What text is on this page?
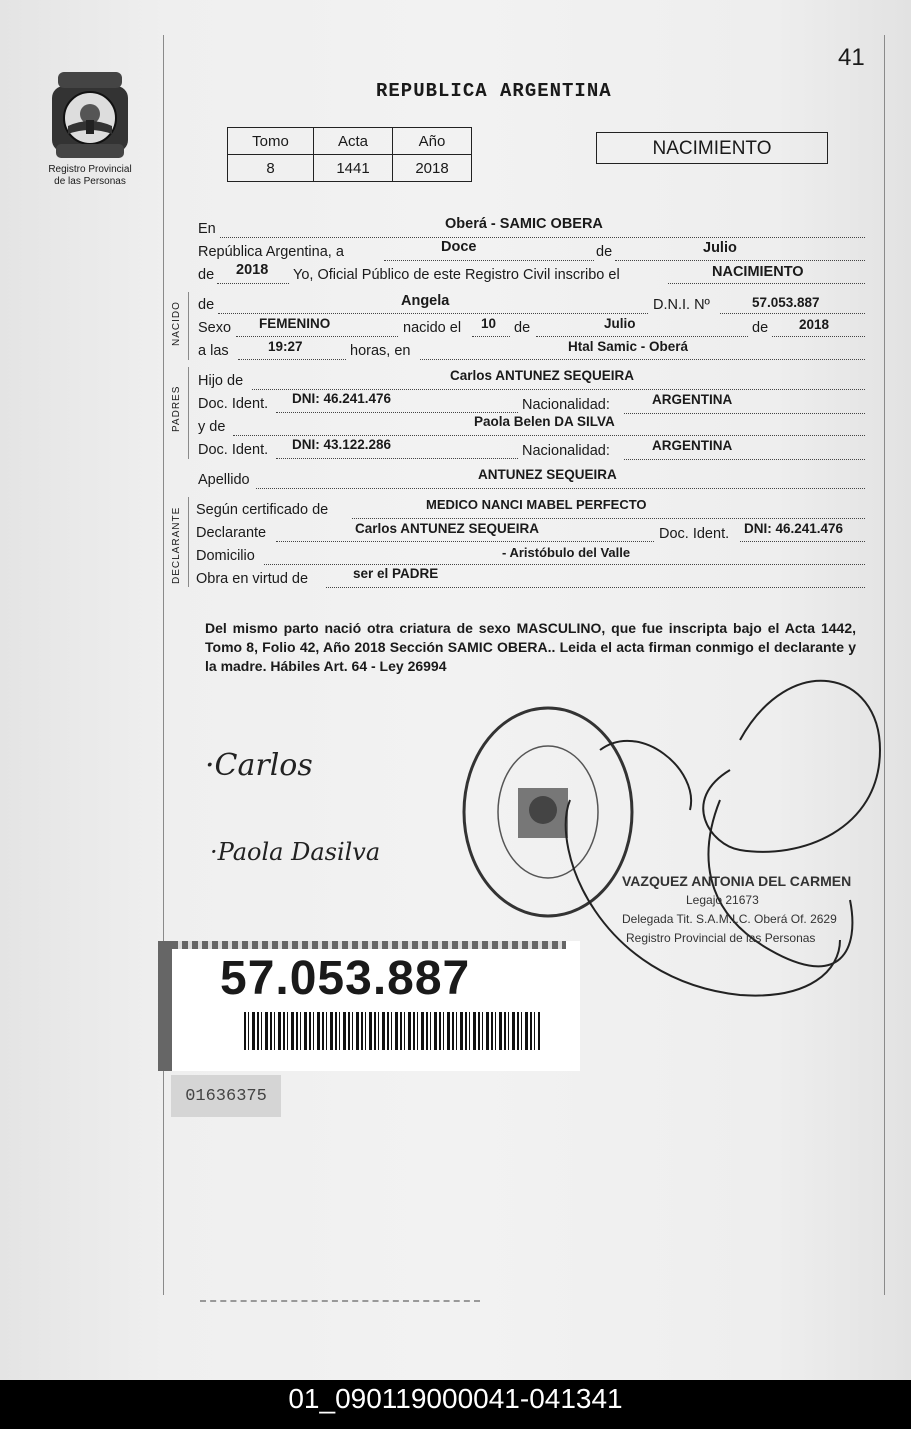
Registro Provincial
de las Personas
41
REPUBLICA ARGENTINA
Tomo	Acta	Año
8	1441	2018
NACIMIENTO
En	Oberá - SAMIC OBERA
República Argentina, a	Doce	de	Julio
de 2018 Yo, Oficial Público de este Registro Civil inscribo el	NACIMIENTO
NACIDO de	Angela	D.N.I. Nº	57.053.887
Sexo FEMENINO	nacido el 10 de	Julio	de 2018
a las	19:27	horas, en	Htal Samic - Oberá
PADRES
Hijo de	Carlos ANTUNEZ SEQUEIRA
Doc. Ident. DNI: 46.241.476	Nacionalidad:	ARGENTINA
y de	Paola Belen DA SILVA
Doc. Ident. DNI: 43.122.286	Nacionalidad:	ARGENTINA
Apellido	ANTUNEZ SEQUEIRA
DECLARANTE Según certificado de	MEDICO NANCI MABEL PERFECTO
Declarante	Carlos ANTUNEZ SEQUEIRA	Doc. Ident. DNI: 46.241.476
Domicilio	- Aristóbulo del Valle
Obra en virtud de	ser el PADRE
Del mismo parto nació otra criatura de sexo MASCULINO, que fue inscripta bajo el Acta 1442, Tomo 8, Folio 42, Año 2018 Sección SAMIC OBERA.. Leida el acta firman conmigo el declarante y la madre. Hábiles Art. 64 - Ley 26994
·Carlos
·Paola Dasilva
VAZQUEZ ANTONIA DEL CARMEN
Legajo 21673
Delegada Tit. S.A.M.I.C. Oberá Of. 2629
Registro Provincial de las Personas
57.053.887
01636375
01_090119000041-041341
